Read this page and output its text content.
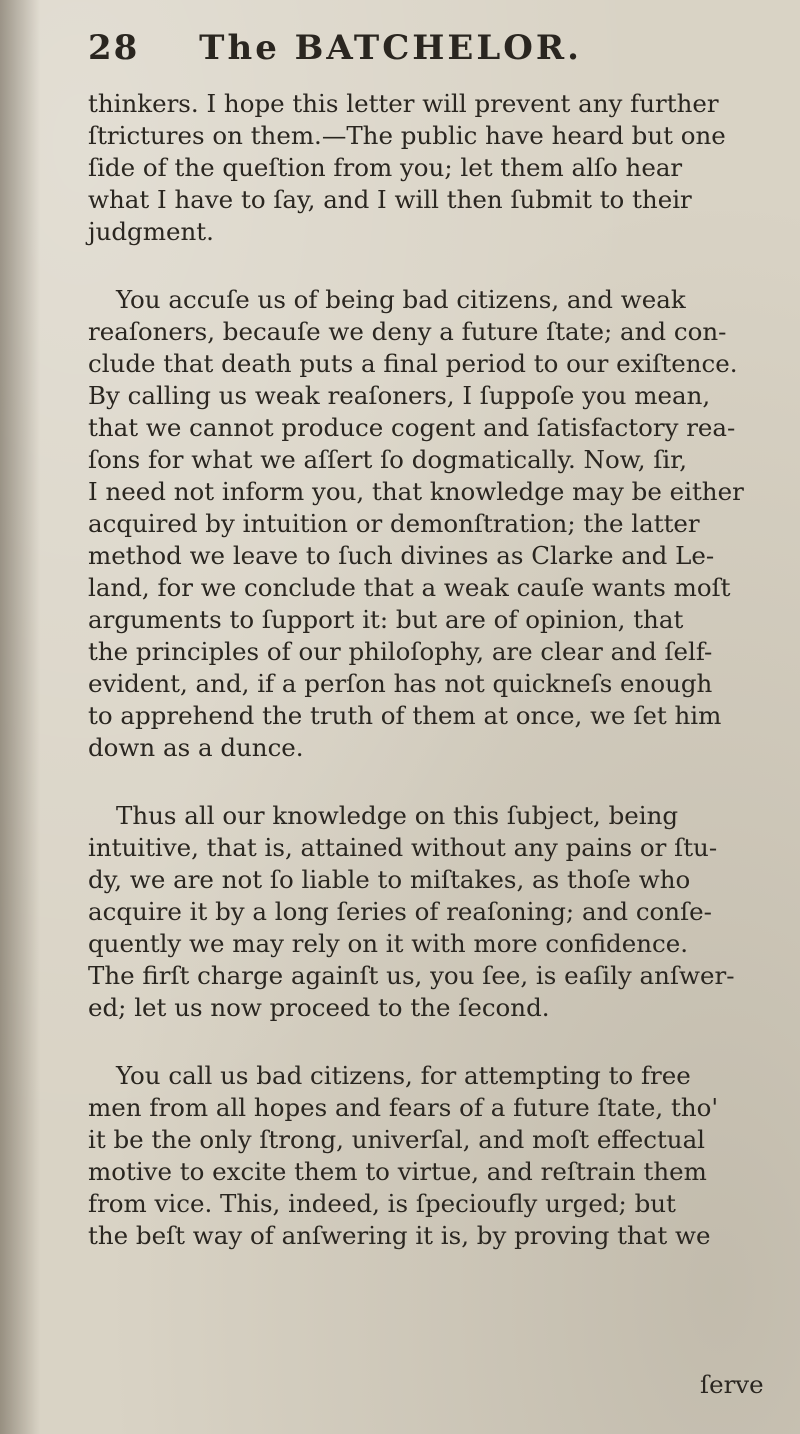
28 The BATCHELOR.

thinkers. I hope this letter will prevent any further
ſtrictures on them.—The public have heard but one
ſide of the queſtion from you; let them alſo hear
what I have to ſay, and I will then ſubmit to their
judgment.

You accuſe us of being bad citizens, and weak
reaſoners, becauſe we deny a future ſtate; and con-
clude that death puts a final period to our exiſtence.
By calling us weak reaſoners, I ſuppoſe you mean,
that we cannot produce cogent and ſatisfactory rea-
ſons for what we aſſert ſo dogmatically. Now, ſir,
I need not inform you, that knowledge may be either
acquired by intuition or demonſtration; the latter
method we leave to ſuch divines as Clarke and Le-
land, for we conclude that a weak cauſe wants moſt
arguments to ſupport it: but are of opinion, that
the principles of our philoſophy, are clear and ſelf-
evident, and, if a perſon has not quickneſs enough
to apprehend the truth of them at once, we ſet him
down as a dunce.

Thus all our knowledge on this ſubject, being
intuitive, that is, attained without any pains or ſtu-
dy, we are not ſo liable to miſtakes, as thoſe who
acquire it by a long ſeries of reaſoning; and conſe-
quently we may rely on it with more confidence.
The firſt charge againſt us, you ſee, is eaſily anſwer-
ed; let us now proceed to the ſecond.

You call us bad citizens, for attempting to free
men from all hopes and fears of a future ſtate, tho'
it be the only ſtrong, univerſal, and moſt effectual
motive to excite them to virtue, and reſtrain them
from vice. This, indeed, is ſpecioufly urged; but
the beſt way of anſwering it is, by proving that we

ſerve
